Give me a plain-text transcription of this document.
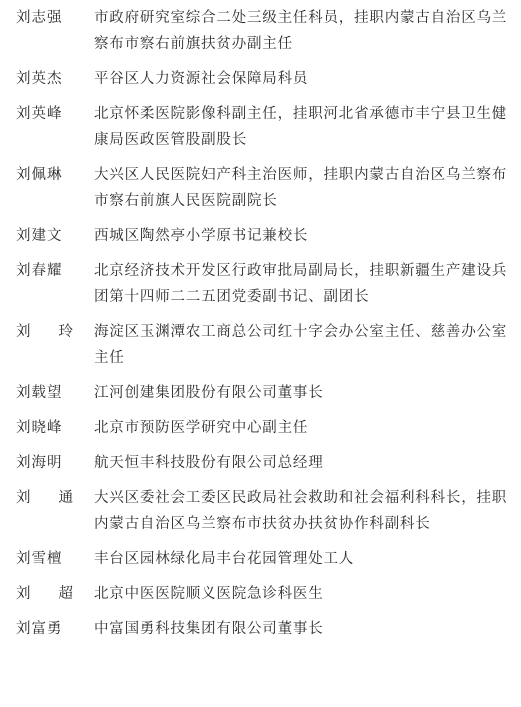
刘志强	市政府研究室综合二处三级主任科员，挂职内蒙古自治区乌兰察布市察右前旗扶贫办副主任
刘英杰	平谷区人力资源社会保障局科员
刘英峰	北京怀柔医院影像科副主任，挂职河北省承德市丰宁县卫生健康局医政医管股副股长
刘佩琳	大兴区人民医院妇产科主治医师，挂职内蒙古自治区乌兰察布市察右前旗人民医院副院长
刘建文	西城区陶然亭小学原书记兼校长
刘春耀	北京经济技术开发区行政审批局副局长，挂职新疆生产建设兵团第十四师二二五团党委副书记、副团长
刘 玲	海淀区玉渊潭农工商总公司红十字会办公室主任、慈善办公室主任
刘载望	江河创建集团股份有限公司董事长
刘晓峰	北京市预防医学研究中心副主任
刘海明	航天恒丰科技股份有限公司总经理
刘 通	大兴区委社会工委区民政局社会救助和社会福利科科长，挂职内蒙古自治区乌兰察布市扶贫办扶贫协作科副科长
刘雪檀	丰台区园林绿化局丰台花园管理处工人
刘 超	北京中医医院顺义医院急诊科医生
刘富勇	中富国勇科技集团有限公司董事长
